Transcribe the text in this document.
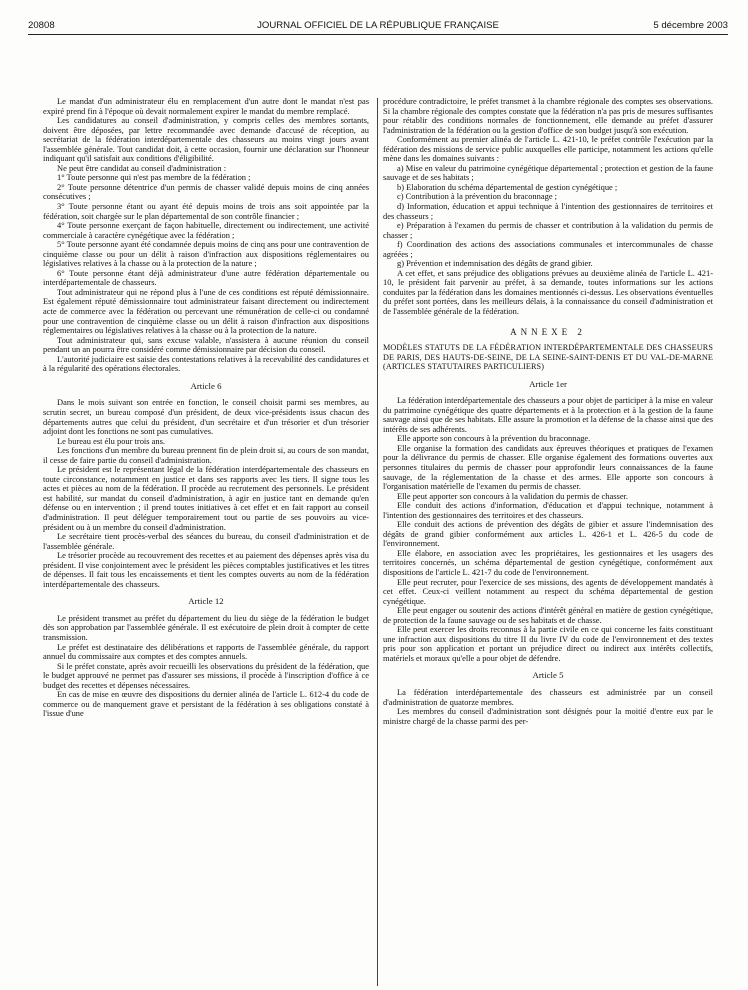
20808	JOURNAL OFFICIEL DE LA RÉPUBLIQUE FRANÇAISE	5 décembre 2003

Le mandat d'un administrateur élu en remplacement d'un autre dont le mandat n'est pas expiré prend fin à l'époque où devait normalement expirer le mandat du membre remplacé.

Les candidatures au conseil d'administration, y compris celles des membres sortants, doivent être déposées, par lettre recommandée avec demande d'accusé de réception, au secrétariat de la fédération interdépartementale des chasseurs au moins vingt jours avant l'assemblée générale. Tout candidat doit, à cette occasion, fournir une déclaration sur l'honneur indiquant qu'il satisfait aux conditions d'éligibilité.

Ne peut être candidat au conseil d'administration :

1° Toute personne qui n'est pas membre de la fédération ;

2° Toute personne détentrice d'un permis de chasser validé depuis moins de cinq années consécutives ;

3° Toute personne étant ou ayant été depuis moins de trois ans soit appointée par la fédération, soit chargée sur le plan départemental de son contrôle financier ;

4° Toute personne exerçant de façon habituelle, directement ou indirectement, une activité commerciale à caractère cynégétique avec la fédération ;

5° Toute personne ayant été condamnée depuis moins de cinq ans pour une contravention de cinquième classe ou pour un délit à raison d'infraction aux dispositions réglementaires ou législatives relatives à la chasse ou à la protection de la nature ;

6° Toute personne étant déjà administrateur d'une autre fédération départementale ou interdépartementale de chasseurs.

Tout administrateur qui ne répond plus à l'une de ces conditions est réputé démissionnaire. Est également réputé démissionnaire tout administrateur faisant directement ou indirectement acte de commerce avec la fédération ou percevant une rémunération de celle-ci ou condamné pour une contravention de cinquième classe ou un délit à raison d'infraction aux dispositions réglementaires ou législatives relatives à la chasse ou à la protection de la nature.

Tout administrateur qui, sans excuse valable, n'assistera à aucune réunion du conseil pendant un an pourra être considéré comme démissionnaire par décision du conseil.

L'autorité judiciaire est saisie des contestations relatives à la recevabilité des candidatures et à la régularité des opérations électorales.

Article 6

Dans le mois suivant son entrée en fonction, le conseil choisit parmi ses membres, au scrutin secret, un bureau composé d'un président, de deux vice-présidents issus chacun des départements autres que celui du président, d'un secrétaire et d'un trésorier et d'un trésorier adjoint dont les fonctions ne sont pas cumulatives.

Le bureau est élu pour trois ans.

Les fonctions d'un membre du bureau prennent fin de plein droit si, au cours de son mandat, il cesse de faire partie du conseil d'administration.

Le président est le représentant légal de la fédération interdépartementale des chasseurs en toute circonstance, notamment en justice et dans ses rapports avec les tiers. Il signe tous les actes et pièces au nom de la fédération. Il procède au recrutement des personnels. Le président est habilité, sur mandat du conseil d'administration, à agir en justice tant en demande qu'en défense ou en intervention ; il prend toutes initiatives à cet effet et en fait rapport au conseil d'administration. Il peut déléguer temporairement tout ou partie de ses pouvoirs au vice-président ou à un membre du conseil d'administration.

Le secrétaire tient procès-verbal des séances du bureau, du conseil d'administration et de l'assemblée générale.

Le trésorier procède au recouvrement des recettes et au paiement des dépenses après visa du président. Il vise conjointement avec le président les pièces comptables justificatives et les titres de dépenses. Il fait tous les encaissements et tient les comptes ouverts au nom de la fédération interdépartementale des chasseurs.

Article 12

Le président transmet au préfet du département du lieu du siège de la fédération le budget dès son approbation par l'assemblée générale. Il est exécutoire de plein droit à compter de cette transmission.

Le préfet est destinataire des délibérations et rapports de l'assemblée générale, du rapport annuel du commissaire aux comptes et des comptes annuels.

Si le préfet constate, après avoir recueilli les observations du président de la fédération, que le budget approuvé ne permet pas d'assurer ses missions, il procède à l'inscription d'office à ce budget des recettes et dépenses nécessaires.

En cas de mise en œuvre des dispositions du dernier alinéa de l'article L. 612-4 du code de commerce ou de manquement grave et persistant de la fédération à ses obligations constaté à l'issue d'une

procédure contradictoire, le préfet transmet à la chambre régionale des comptes ses observations. Si la chambre régionale des comptes constate que la fédération n'a pas pris de mesures suffisantes pour rétablir des conditions normales de fonctionnement, elle demande au préfet d'assurer l'administration de la fédération ou la gestion d'office de son budget jusqu'à son exécution.

Conformément au premier alinéa de l'article L. 421-10, le préfet contrôle l'exécution par la fédération des missions de service public auxquelles elle participe, notamment les actions qu'elle mène dans les domaines suivants :

a) Mise en valeur du patrimoine cynégétique départemental ; protection et gestion de la faune sauvage et de ses habitats ;

b) Elaboration du schéma départemental de gestion cynégétique ;

c) Contribution à la prévention du braconnage ;

d) Information, éducation et appui technique à l'intention des gestionnaires de territoires et des chasseurs ;

e) Préparation à l'examen du permis de chasser et contribution à la validation du permis de chasser ;

f) Coordination des actions des associations communales et intercommunales de chasse agréées ;

g) Prévention et indemnisation des dégâts de grand gibier.

A cet effet, et sans préjudice des obligations prévues au deuxième alinéa de l'article L. 421-10, le président fait parvenir au préfet, à sa demande, toutes informations sur les actions conduites par la fédération dans les domaines mentionnés ci-dessus. Les observations éventuelles du préfet sont portées, dans les meilleurs délais, à la connaissance du conseil d'administration et de l'assemblée générale de la fédération.

ANNEXE 2

MODÈLES STATUTS DE LA FÉDÉRATION INTERDÉPARTEMENTALE DES CHASSEURS DE PARIS, DES HAUTS-DE-SEINE, DE LA SEINE-SAINT-DENIS ET DU VAL-DE-MARNE (ARTICLES STATUTAIRES PARTICULIERS)

Article 1er

La fédération interdépartementale des chasseurs a pour objet de participer à la mise en valeur du patrimoine cynégétique des quatre départements et à la protection et à la gestion de la faune sauvage ainsi que de ses habitats. Elle assure la promotion et la défense de la chasse ainsi que des intérêts de ses adhérents.

Elle apporte son concours à la prévention du braconnage.

Elle organise la formation des candidats aux épreuves théoriques et pratiques de l'examen pour la délivrance du permis de chasser. Elle organise également des formations ouvertes aux personnes titulaires du permis de chasser pour approfondir leurs connaissances de la faune sauvage, de la réglementation de la chasse et des armes. Elle apporte son concours à l'organisation matérielle de l'examen du permis de chasser.

Elle peut apporter son concours à la validation du permis de chasser.

Elle conduit des actions d'information, d'éducation et d'appui technique, notamment à l'intention des gestionnaires des territoires et des chasseurs.

Elle conduit des actions de prévention des dégâts de gibier et assure l'indemnisation des dégâts de grand gibier conformément aux articles L. 426-1 et L. 426-5 du code de l'environnement.

Elle élabore, en association avec les propriétaires, les gestionnaires et les usagers des territoires concernés, un schéma départemental de gestion cynégétique, conformément aux dispositions de l'article L. 421-7 du code de l'environnement.

Elle peut recruter, pour l'exercice de ses missions, des agents de développement mandatés à cet effet. Ceux-ci veillent notamment au respect du schéma départemental de gestion cynégétique.

Elle peut engager ou soutenir des actions d'intérêt général en matière de gestion cynégétique, de protection de la faune sauvage ou de ses habitats et de chasse.

Elle peut exercer les droits reconnus à la partie civile en ce qui concerne les faits constituant une infraction aux dispositions du titre II du livre IV du code de l'environnement et des textes pris pour son application et portant un préjudice direct ou indirect aux intérêts collectifs, matériels et moraux qu'elle a pour objet de défendre.

Article 5

La fédération interdépartementale des chasseurs est administrée par un conseil d'administration de quatorze membres.

Les membres du conseil d'administration sont désignés pour la moitié d'entre eux par le ministre chargé de la chasse parmi des per-
